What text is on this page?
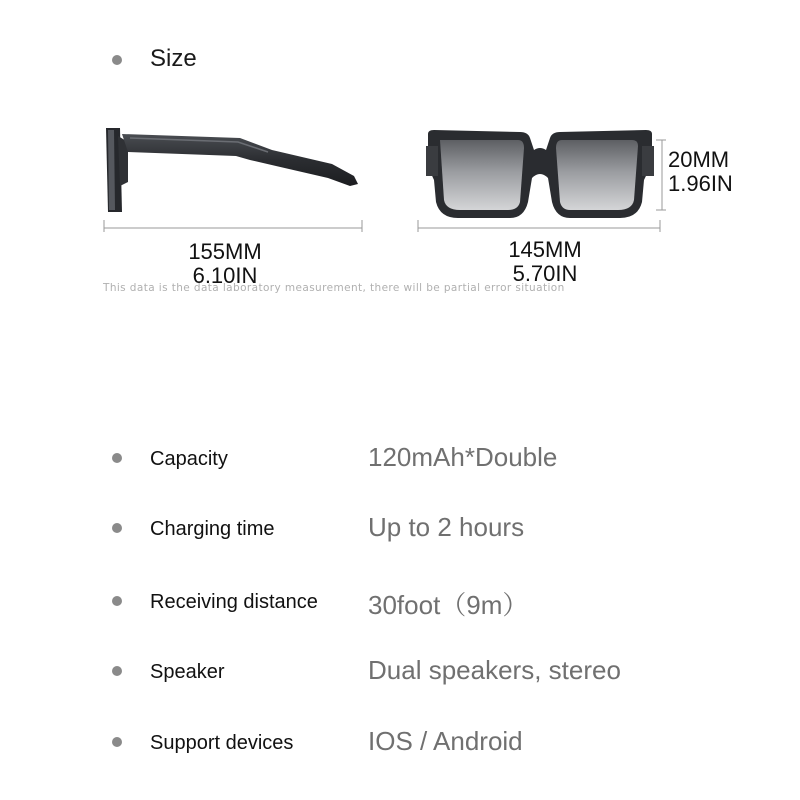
Size
155MM
6.10IN
145MM
5.70IN
20MM
1.96IN
This data is the data laboratory measurement, there will be partial error situation
Capacity	120mAh*Double
Charging time	Up to 2 hours
Receiving distance 30foot（9m）
Speaker	Dual speakers, stereo
Support devices	IOS / Android
